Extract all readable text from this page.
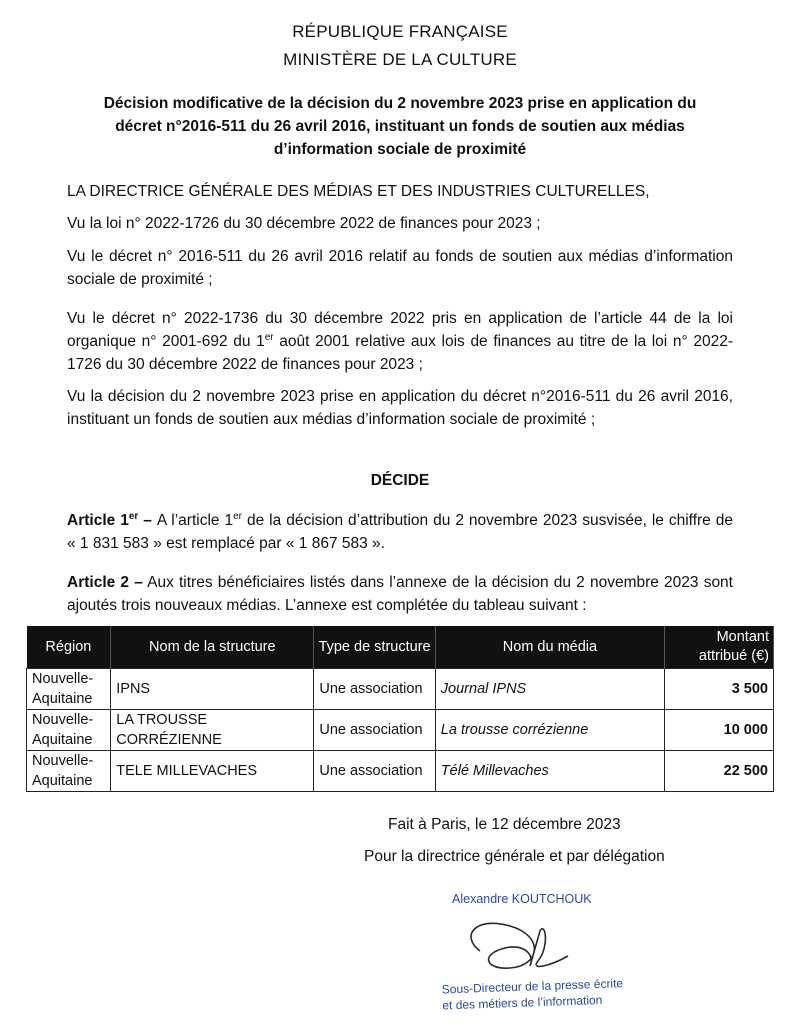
RÉPUBLIQUE FRANÇAISE
MINISTÈRE DE LA CULTURE
Décision modificative de la décision du 2 novembre 2023 prise en application du
décret n°2016-511 du 26 avril 2016, instituant un fonds de soutien aux médias
d’information sociale de proximité
LA DIRECTRICE GÉNÉRALE DES MÉDIAS ET DES INDUSTRIES CULTURELLES,
Vu la loi n° 2022-1726 du 30 décembre 2022 de finances pour 2023 ;
Vu le décret n° 2016-511 du 26 avril 2016 relatif au fonds de soutien aux médias d’information sociale de proximité ;
Vu le décret n° 2022-1736 du 30 décembre 2022 pris en application de l’article 44 de la loi organique n° 2001-692 du 1er août 2001 relative aux lois de finances au titre de la loi n° 2022-1726 du 30 décembre 2022 de finances pour 2023 ;
Vu la décision du 2 novembre 2023 prise en application du décret n°2016-511 du 26 avril 2016, instituant un fonds de soutien aux médias d’information sociale de proximité ;
DÉCIDE
Article 1er – A l’article 1er de la décision d’attribution du 2 novembre 2023 susvisée, le chiffre de « 1 831 583 » est remplacé par « 1 867 583 ».
Article 2 – Aux titres bénéficiaires listés dans l’annexe de la décision du 2 novembre 2023 sont ajoutés trois nouveaux médias. L’annexe est complétée du tableau suivant :
Région	Nom de la structure	Type de structure	Nom du média	Montant attribué (€)
Nouvelle-Aquitaine	IPNS	Une association	Journal IPNS	3 500
Nouvelle-Aquitaine	LA TROUSSE CORRÉZIENNE	Une association	La trousse corrézienne	10 000
Nouvelle-Aquitaine	TELE MILLEVACHES	Une association	Télé Millevaches	22 500
Fait à Paris, le 12 décembre 2023
Pour la directrice générale et par délégation
Alexandre KOUTCHOUK
Sous-Directeur de la presse écrite
et des métiers de l’information
